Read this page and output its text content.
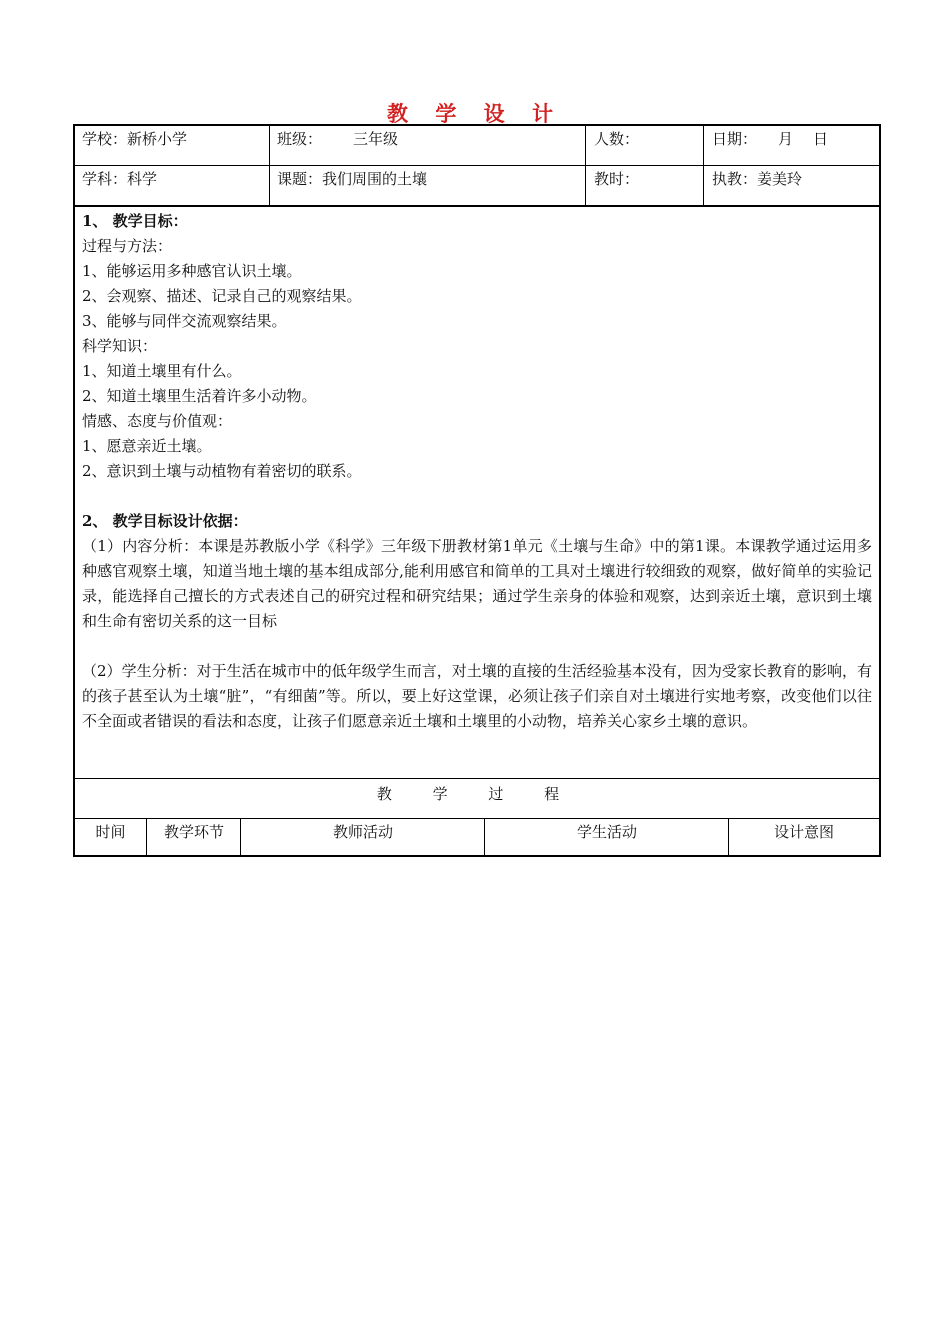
教 学 设 计
学校：新桥小学	班级： 三年级	人数：	日期： 月 日
学科：科学	课题：我们周围的土壤	教时：	执教：姜美玲
1、 教学目标：
过程与方法：
1、能够运用多种感官认识土壤。
2、会观察、描述、记录自己的观察结果。
3、能够与同伴交流观察结果。
科学知识：
1、知道土壤里有什么。
2、知道土壤里生活着许多小动物。
情感、态度与价值观：
1、愿意亲近土壤。
2、意识到土壤与动植物有着密切的联系。
2、 教学目标设计依据：
（1）内容分析：本课是苏教版小学《科学》三年级下册教材第1单元《土壤与生命》中的第1课。本课教学通过运用多种感官观察土壤，知道当地土壤的基本组成部分,能利用感官和简单的工具对土壤进行较细致的观察，做好简单的实验记录，能选择自己擅长的方式表述自己的研究过程和研究结果；通过学生亲身的体验和观察，达到亲近土壤，意识到土壤和生命有密切关系的这一目标
（2）学生分析：对于生活在城市中的低年级学生而言，对土壤的直接的生活经验基本没有，因为受家长教育的影响，有的孩子甚至认为土壤“脏”，“有细菌”等。所以，要上好这堂课，必须让孩子们亲自对土壤进行实地考察，改变他们以往不全面或者错误的看法和态度，让孩子们愿意亲近土壤和土壤里的小动物，培养关心家乡土壤的意识。
教 学 过 程
时间	教学环节	教师活动	学生活动	设计意图
